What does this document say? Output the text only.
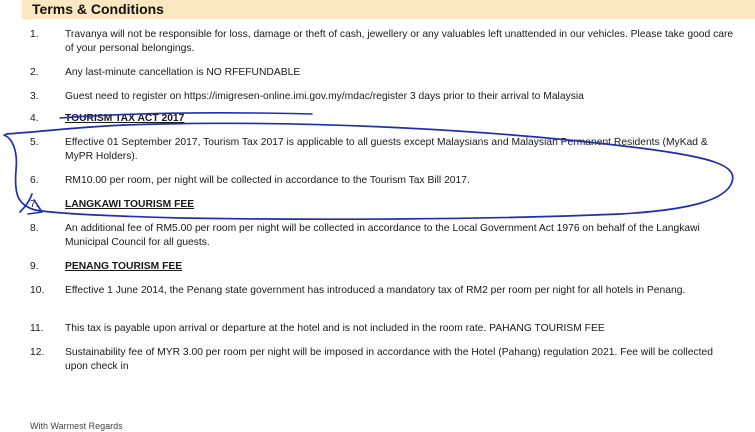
Terms & Conditions
1.	Travanya will not be responsible for loss, damage or theft of cash, jewellery or any valuables left unattended in our vehicles. Please take good care of your personal belongings.
2.	Any last-minute cancellation is NO RFEFUNDABLE
3.	Guest need to register on https://imigresen-online.imi.gov.my/mdac/register 3 days prior to their arrival to Malaysia
4.	TOURISM TAX ACT 2017
5.	Effective 01 September 2017, Tourism Tax 2017 is applicable to all guests except Malaysians and Malaysian Permanent Residents (MyKad & MyPR Holders).
6.	RM10.00 per room, per night will be collected in accordance to the Tourism Tax Bill 2017.
7.	LANGKAWI TOURISM FEE
8.	An additional fee of RM5.00 per room per night will be collected in accordance to the Local Government Act 1976 on behalf of the Langkawi Municipal Council for all guests.
9.	PENANG TOURISM FEE
10.	Effective 1 June 2014, the Penang state government has introduced a mandatory tax of RM2 per room per night for all hotels in Penang.
11.	This tax is payable upon arrival or departure at the hotel and is not included in the room rate. PAHANG TOURISM FEE
12.	Sustainability fee of MYR 3.00 per room per night will be imposed in accordance with the Hotel (Pahang) regulation 2021. Fee will be collected upon check in
With Warmest Regards
